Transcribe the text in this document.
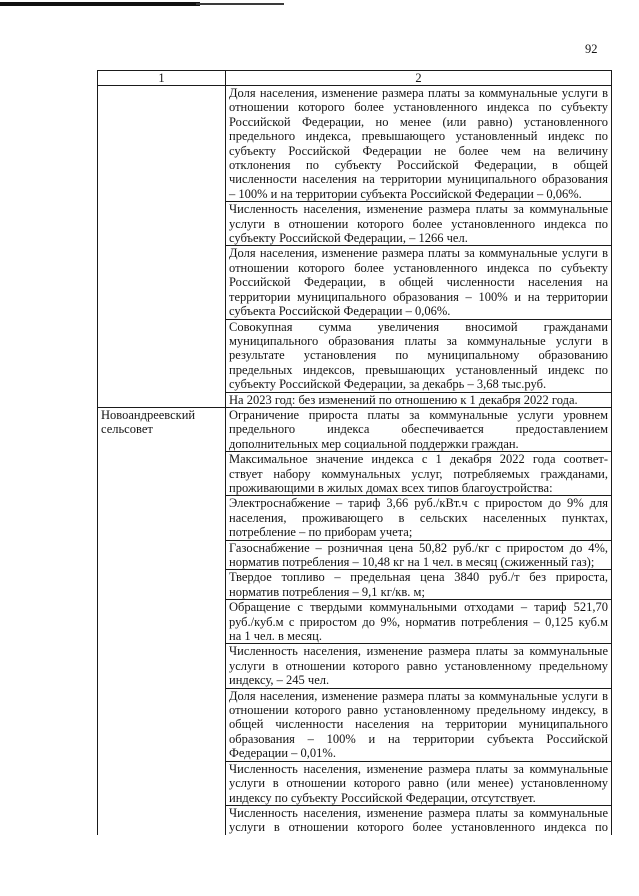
92
1	2
Доля населения, изменение размера платы за коммунальные услуги в
отношении которого более установленного индекса по субъекту
Российской Федерации, но менее (или равно) установленного
предельного индекса, превышающего установленный индекс по
субъекту Российской Федерации не более чем на величину
отклонения по субъекту Российской Федерации, в общей
численности населения на территории муниципального образования
– 100% и на территории субъекта Российской Федерации – 0,06%.
Численность населения, изменение размера платы за коммунальные
услуги в отношении которого более установленного индекса по
субъекту Российской Федерации, – 1266 чел.
Доля населения, изменение размера платы за коммунальные услуги в
отношении которого более установленного индекса по субъекту
Российской Федерации, в общей численности населения на
территории муниципального образования – 100% и на территории
субъекта Российской Федерации – 0,06%.
Совокупная сумма увеличения вносимой гражданами
муниципального образования платы за коммунальные услуги в
результате установления по муниципальному образованию
предельных индексов, превышающих установленный индекс по
субъекту Российской Федерации, за декабрь – 3,68 тыс.руб.
На 2023 год: без изменений по отношению к 1 декабря 2022 года.
Новоандреевский сельсовет
Ограничение прироста платы за коммунальные услуги уровнем
предельного индекса обеспечивается предоставлением
дополнительных мер социальной поддержки граждан.
Максимальное значение индекса с 1 декабря 2022 года соответ-
ствует набору коммунальных услуг, потребляемых гражданами,
проживающими в жилых домах всех типов благоустройства:
Электроснабжение – тариф 3,66 руб./кВт.ч с приростом до 9% для
населения, проживающего в сельских населенных пунктах,
потребление – по приборам учета;
Газоснабжение – розничная цена 50,82 руб./кг с приростом до 4%,
норматив потребления – 10,48 кг на 1 чел. в месяц (сжиженный газ);
Твердое топливо – предельная цена 3840 руб./т без прироста,
норматив потребления – 9,1 кг/кв. м;
Обращение с твердыми коммунальными отходами – тариф 521,70
руб./куб.м с приростом до 9%, норматив потребления – 0,125 куб.м
на 1 чел. в месяц.
Численность населения, изменение размера платы за коммунальные
услуги в отношении которого равно установленному предельному
индексу, – 245 чел.
Доля населения, изменение размера платы за коммунальные услуги в
отношении которого равно установленному предельному индексу, в
общей численности населения на территории муниципального
образования – 100% и на территории субъекта Российской
Федерации – 0,01%.
Численность населения, изменение размера платы за коммунальные
услуги в отношении которого равно (или менее) установленному
индексу по субъекту Российской Федерации, отсутствует.
Численность населения, изменение размера платы за коммунальные
услуги в отношении которого более установленного индекса по
